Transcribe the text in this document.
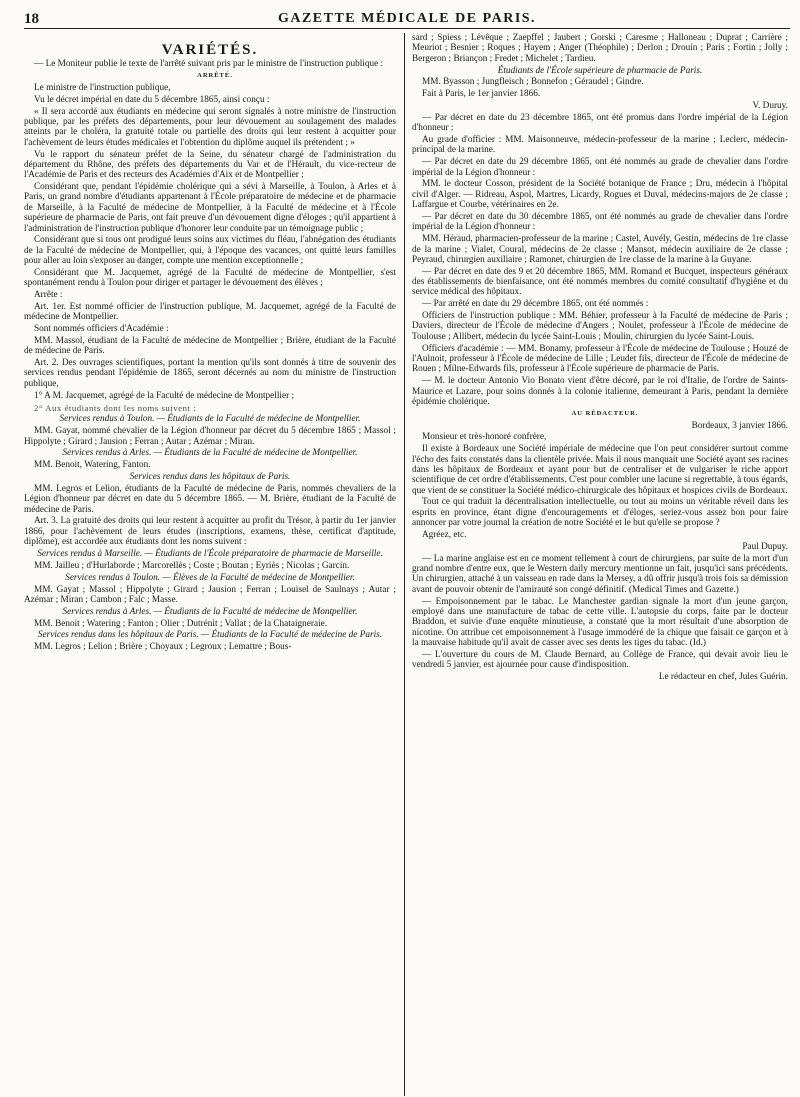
18	GAZETTE MÉDICALE DE PARIS.
VARIÉTÉS.

— Le Moniteur publie le texte de l'arrêté suivant pris par le ministre de l'instruction publique :

ARRÊTÉ.

Le ministre de l'instruction publique,

Vu le décret impérial en date du 5 décembre 1865, ainsi conçu :

« Il sera accordé aux étudiants en médecine qui seront signalés à notre ministre de l'instruction publique, par les préfets des départements, pour leur dévouement au soulagement des malades atteints par le choléra, la gratuité totale ou partielle des droits qui leur restent à acquitter pour l'achèvement de leurs études médicales et l'obtention du diplôme auquel ils prétendent ; »

Vu le rapport du sénateur préfet de la Seine, du sénateur chargé de l'administration du département du Rhône, des préfets des départements du Var et de l'Hérault, du vice-recteur de l'Académie de Paris et des recteurs des Académies d'Aix et de Montpellier ;

Considérant que, pendant l'épidémie cholérique qui a sévi à Marseille, à Toulon, à Arles et à Paris, un grand nombre d'étudiants appartenant à l'École préparatoire de médecine et de pharmacie de Marseille, à la Faculté de médecine de Montpellier, à la Faculté de médecine et à l'École supérieure de pharmacie de Paris, ont fait preuve d'un dévouement digne d'éloges ; qu'il appartient à l'administration de l'instruction publique d'honorer leur conduite par un témoignage public ;

Considérant que si tous ont prodigué leurs soins aux victimes du fléau, l'abnégation des étudiants de la Faculté de médecine de Montpellier, qui, à l'époque des vacances, ont quitté leurs familles pour aller au loin s'exposer au danger, compte une mention exceptionnelle ;

Considérant que M. Jacquemet, agrégé de la Faculté de médecine de Montpellier, s'est spontanément rendu à Toulon pour diriger et partager le dévouement des élèves ;

Arrête :

Art. 1er. Est nommé officier de l'instruction publique, M. Jacquemet, agrégé de la Faculté de médecine de Montpellier.

Sont nommés officiers d'Académie :

MM. Massol, étudiant de la Faculté de médecine de Montpellier ; Brière, étudiant de la Faculté de médecine de Paris.

Art. 2. Des ouvrages scientifiques, portant la mention qu'ils sont donnés à titre de souvenir des services rendus pendant l'épidémie de 1865, seront décernés au nom du ministre de l'instruction publique,

1° A M. Jacquemet, agrégé de la Faculté de médecine de Montpellier ;

2° Aux étudiants dont les noms suivent :

Services rendus à Toulon. — Étudiants de la Faculté de médecine de Montpellier.

MM. Gayat, nommé chevalier de la Légion d'honneur par décret du 5 décembre 1865 ; Massol ; Hippolyte ; Girard ; Jausion ; Ferran ; Autar ; Azémar ; Miran.

Services rendus à Arles. — Étudiants de la Faculté de médecine de Montpellier.

MM. Benoit, Watering, Fanton.

Services rendus dans les hôpitaux de Paris.

MM. Legros et Lelion, étudiants de la Faculté de médecine de Paris, nommés chevaliers de la Légion d'honneur par décret en date du 5 décembre 1865. — M. Brière, étudiant de la Faculté de médecine de Paris.

Art. 3. La gratuité des droits qui leur restent à acquitter au profit du Trésor, à partir du 1er janvier 1866, pour l'achèvement de leurs études (inscriptions, examens, thèse, certificat d'aptitude, diplôme), est accordée aux étudiants dont les noms suivent :

Services rendus à Marseille. — Étudiants de l'École préparatoire de pharmacie de Marseille.

MM. Jailleu ; d'Hurlaborde ; Marcorellès ; Coste ; Boutan ; Eyriès ; Nicolas ; Garcin.

Services rendus à Toulon. — Élèves de la Faculté de médecine de Montpellier.

MM. Gayat ; Massol ; Hippolyte ; Girard ; Jausion ; Ferran ; Louisel de Saulnays ; Autar ; Azémar ; Miran ; Cambon ; Falc ; Masse.

Services rendus à Arles. — Étudiants de la Faculté de médecine de Montpellier.

MM. Benoit ; Watering ; Fanton ; Olier ; Dutrénit ; Vallat ; de la Chataigneraie.

Services rendus dans les hôpitaux de Paris. — Étudiants de la Faculté de médecine de Paris.

MM. Legros ; Lelion ; Brière ; Choyaux ; Legroux ; Lemattre ; Bous-

sard ; Spiess ; Lévêque ; Zaepffel ; Jaubert ; Gorski ; Caresme ; Halloneau ; Duprat ; Carrière ; Meuriot ; Besnier ; Roques ; Hayem ; Anger (Théophile) ; Derlon ; Drouin ; Paris ; Fortin ; Jolly ; Bergeron ; Briançon ; Fredet ; Michelet ; Tardieu.

Étudiants de l'École supérieure de pharmacie de Paris.

MM. Byasson ; Jungfleisch ; Bonnefon ; Géraudel ; Gindre.

Fait à Paris, le 1er janvier 1866.

V. Duruy.

— Par décret en date du 23 décembre 1865, ont été promus dans l'ordre impérial de la Légion d'honneur :

Au grade d'officier : MM. Maisonneuve, médecin-professeur de la marine ; Leclerc, médecin-principal de la marine.

— Par décret en date du 29 décembre 1865, ont été nommés au grade de chevalier dans l'ordre impérial de la Légion d'honneur :

MM. le docteur Cosson, président de la Société botanique de France ; Dru, médecin à l'hôpital civil d'Alger. — Ridreau, Aspol, Martres, Licardy, Rogues et Duval, médecins-majors de 2e classe ; Laffargue et Courbe, vétérinaires en 2e.

— Par décret en date du 30 décembre 1865, ont été nommés au grade de chevalier dans l'ordre impérial de la Légion d'honneur :

MM. Héraud, pharmacien-professeur de la marine ; Castel, Auvély, Gestin, médecins de 1re classe de la marine ; Vialet, Coural, médecins de 2e classe ; Mansot, médecin auxiliaire de 2e classe ; Peyraud, chirurgien auxiliaire ; Ramonet, chirurgien de 1re classe de la marine à la Guyane.

— Par décret en date des 9 et 20 décembre 1865, MM. Romand et Bucquet, inspecteurs généraux des établissements de bienfaisance, ont été nommés membres du comité consultatif d'hygiène et du service médical des hôpitaux.

— Par arrêté en date du 29 décembre 1865, ont été nommés :

Officiers de l'instruction publique : MM. Béhier, professeur à la Faculté de médecine de Paris ; Daviers, directeur de l'École de médecine d'Angers ; Noulet, professeur à l'École de médecine de Toulouse ; Allibert, médecin du lycée Saint-Louis ; Moulin, chirurgien du lycée Saint-Louis.

Officiers d'académie : — MM. Bonamy, professeur à l'École de médecine de Toulouse ; Houzé de l'Aulnoit, professeur à l'École de médecine de Lille ; Leudet fils, directeur de l'École de médecine de Rouen ; Milne-Edwards fils, professeur à l'École supérieure de pharmacie de Paris.

— M. le docteur Antonio Vio Bonato vient d'être décoré, par le roi d'Italie, de l'ordre de Saints-Maurice et Lazare, pour soins donnés à la colonie italienne, demeurant à Paris, pendant la dernière épidémie cholérique.

AU RÉDACTEUR.

Bordeaux, 3 janvier 1866.

Monsieur et très-honoré confrère,

Il existe à Bordeaux une Société impériale de médecine que l'on peut considérer surtout comme l'écho des faits constatés dans la clientèle privée. Mais il nous manquait une Société ayant ses racines dans les hôpitaux de Bordeaux et ayant pour but de centraliser et de vulgariser le riche apport scientifique de cet ordre d'établissements. C'est pour combler une lacune si regrettable, à tous égards, que vient de se constituer la Société médico-chirurgicale des hôpitaux et hospices civils de Bordeaux.

Tout ce qui traduit la décentralisation intellectuelle, ou tout au moins un véritable réveil dans les esprits en province, étant digne d'encouragements et d'éloges, seriez-vous assez bon pour faire annoncer par votre journal la création de notre Société et le but qu'elle se propose ?

Agréez, etc.

Paul Dupuy.

— La marine anglaise est en ce moment tellement à court de chirurgiens, par suite de la mort d'un grand nombre d'entre eux, que le Western daily mercury mentionne un fait, jusqu'ici sans précédents. Un chirurgien, attaché à un vaisseau en rade dans la Mersey, a dû offrir jusqu'à trois fois sa démission avant de pouvoir obtenir de l'amirauté son congé définitif. (Medical Times and Gazette.)

— Empoisonnement par le tabac. Le Manchester gardian signale la mort d'un jeune garçon, employé dans une manufacture de tabac de cette ville. L'autopsie du corps, faite par le docteur Braddon, et suivie d'une enquête minutieuse, a constaté que la mort résultait d'une absorption de nicotine. On attribue cet empoisonnement à l'usage immodéré de la chique que faisait ce garçon et à la mauvaise habitude qu'il avait de casser avec ses dents les tiges du tabac. (Id.)

— L'ouverture du cours de M. Claude Bernard, au Collège de France, qui devait avoir lieu le vendredi 5 janvier, est ajournée pour cause d'indisposition.

Le rédacteur en chef, Jules Guérin.
